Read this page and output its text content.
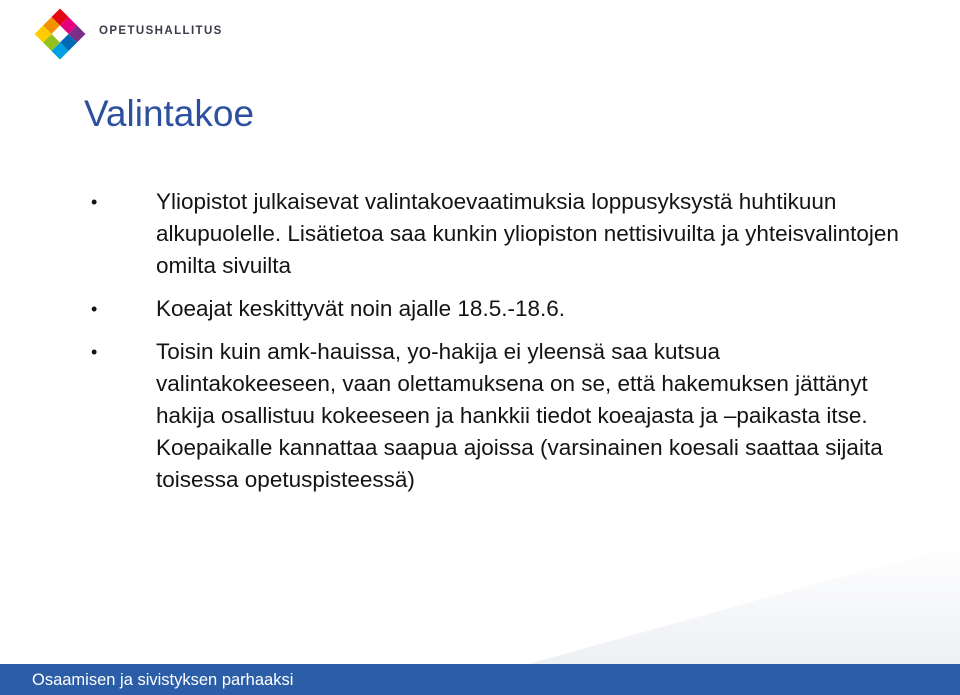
OPETUSHALLITUS
Valintakoe
•	Yliopistot julkaisevat valintakoevaatimuksia loppusyksystä huhtikuun alkupuolelle. Lisätietoa saa kunkin yliopiston nettisivuilta ja yhteisvalintojen omilta sivuilta
•	Koeajat keskittyvät noin ajalle 18.5.-18.6.
•	Toisin kuin amk-hauissa, yo-hakija ei yleensä saa kutsua valintakokeeseen, vaan olettamuksena on se, että hakemuksen jättänyt hakija osallistuu kokeeseen ja hankkii tiedot koeajasta ja –paikasta itse. Koepaikalle kannattaa saapua ajoissa (varsinainen koesali saattaa sijaita toisessa opetuspisteessä)
Osaamisen ja sivistyksen parhaaksi
